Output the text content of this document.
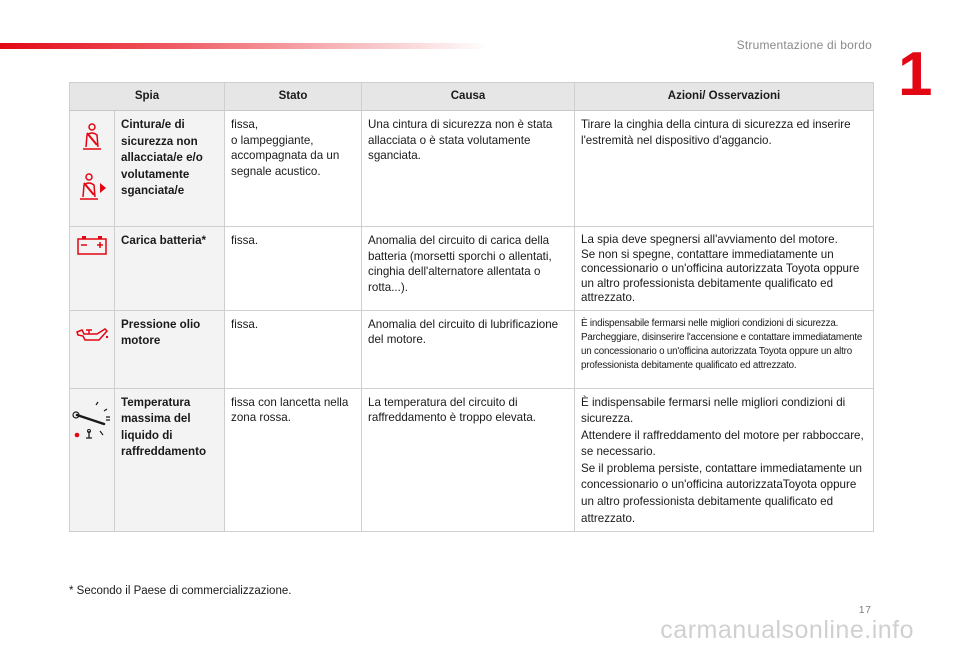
Strumentazione di bordo 1
Spia		Stato	Causa	Azioni/ Osservazioni

	Cintura/e di sicurezza non allacciata/e e/o volutamente sganciata/e	fissa,
o lampeggiante,
accompagnata da un segnale acustico.	Una cintura di sicurezza non è stata allacciata o è stata volutamente sganciata.	Tirare la cinghia della cintura di sicurezza ed inserire l'estremità nel dispositivo d'aggancio.

	Carica batteria*	fissa.	Anomalia del circuito di carica della batteria (morsetti sporchi o allentati, cinghia dell'alternatore allentata o rotta...).	La spia deve spegnersi all'avviamento del motore.
Se non si spegne, contattare immediatamente un concessionario o un'officina autorizzata Toyota oppure un altro professionista debitamente qualificato ed attrezzato.

	Pressione olio motore	fissa.	Anomalia del circuito di lubrificazione del motore.	È indispensabile fermarsi nelle migliori condizioni di sicurezza. Parcheggiare, disinserire l'accensione e contattare immediatamente un concessionario o un'officina autorizzata Toyota oppure un altro professionista debitamente qualificato ed attrezzato.

	Temperatura massima del liquido di raffreddamento	fissa con lancetta nella zona rossa.	La temperatura del circuito di raffreddamento è troppo elevata.	È indispensabile fermarsi nelle migliori condizioni di sicurezza.
Attendere il raffreddamento del motore per rabboccare, se necessario.
Se il problema persiste, contattare immediatamente un concessionario o un'officina autorizzataToyota oppure un altro professionista debitamente qualificato ed attrezzato.
* Secondo il Paese di commercializzazione.
17
carmanualsonline.info
